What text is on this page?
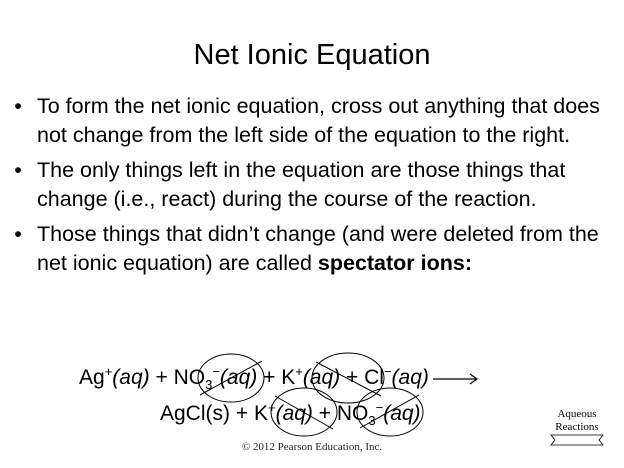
Net Ionic Equation
• To form the net ionic equation, cross out anything that does not change from the left side of the equation to the right.
• The only things left in the equation are those things that change (i.e., react) during the course of the reaction.
• Those things that didn’t change (and were deleted from the net ionic equation) are called spectator ions:
$Ag^+(aq) + NO_3^-(aq) + K^+(aq) + Cl^-(aq)$ →
AgCl(s) + $K^+(aq) + NO_3^-(aq)$	Aqueous
Reactions
© 2012 Pearson Education, Inc.
